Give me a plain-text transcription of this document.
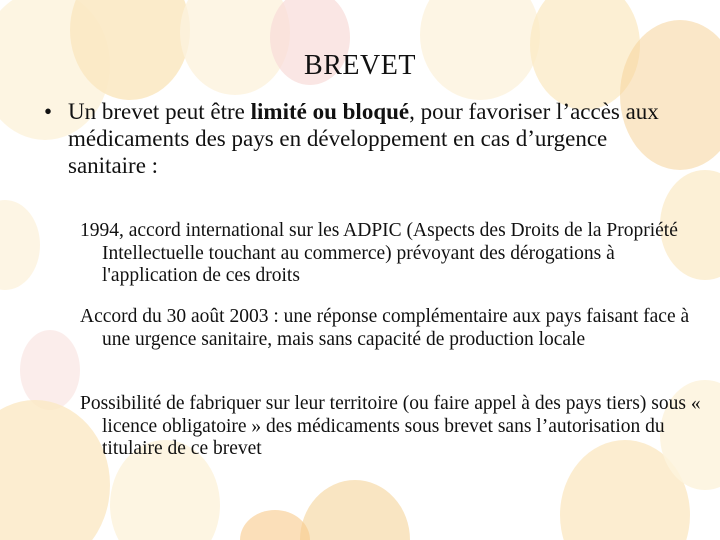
BREVET
• Un brevet peut être limité ou bloqué, pour favoriser l’accès aux médicaments des pays en développement en cas d’urgence sanitaire :
1994, accord international sur les ADPIC (Aspects des Droits de la Propriété Intellectuelle touchant au commerce) prévoyant des dérogations à l'application de ces droits
Accord du 30 août 2003 : une réponse complémentaire aux pays faisant face à une urgence sanitaire, mais sans capacité de production locale
Possibilité de fabriquer sur leur territoire (ou faire appel à des pays tiers) sous « licence obligatoire » des médicaments sous brevet sans l’autorisation du titulaire de ce brevet
